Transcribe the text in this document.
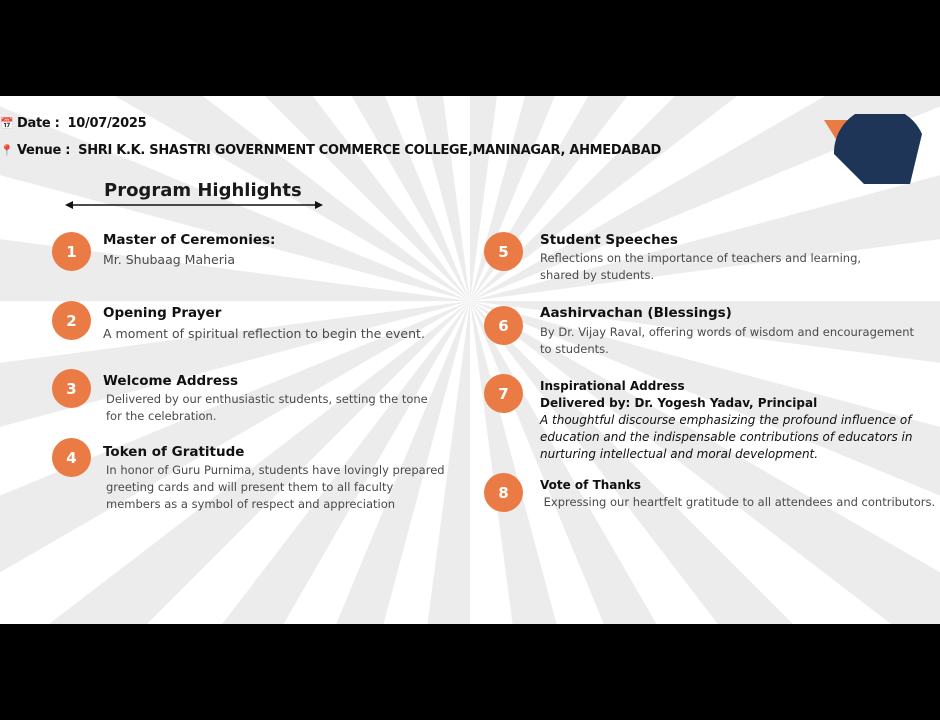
📅 Date : 10/07/2025
📍 Venue : SHRI K.K. SHASTRI GOVERNMENT COMMERCE COLLEGE,MANINAGAR, AHMEDABAD
Program Highlights
1
Master of Ceremonies:
Mr. Shubaag Maheria
2	Opening Prayer
A moment of spiritual reflection to begin the event.
3	Welcome Address
Delivered by our enthusiastic students, setting the tone for the celebration.
4	Token of Gratitude
In honor of Guru Purnima, students have lovingly prepared greeting cards and will present them to all faculty members as a symbol of respect and appreciation
5
Student Speeches
Reflections on the importance of teachers and learning, shared by students.
6
Aashirvachan (Blessings)
By Dr. Vijay Raval, offering words of wisdom and encouragement to students.
7	Inspirational Address
Delivered by: Dr. Yogesh Yadav, Principal
A thoughtful discourse emphasizing the profound influence of education and the indispensable contributions of educators in nurturing intellectual and moral development.
8	Vote of Thanks
Expressing our heartfelt gratitude to all attendees and contributors.
